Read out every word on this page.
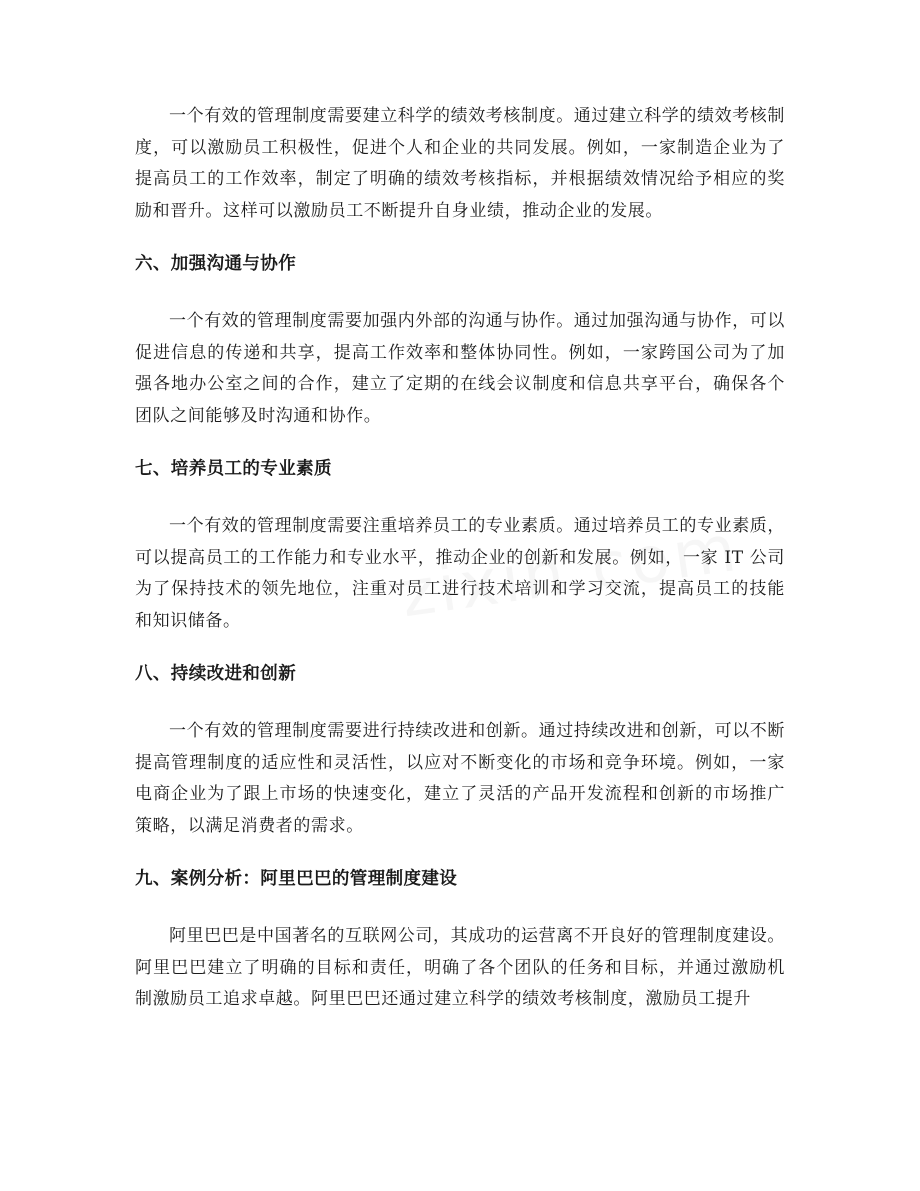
一个有效的管理制度需要建立科学的绩效考核制度。通过建立科学的绩效考核制度，可以激励员工积极性，促进个人和企业的共同发展。例如，一家制造企业为了提高员工的工作效率，制定了明确的绩效考核指标，并根据绩效情况给予相应的奖励和晋升。这样可以激励员工不断提升自身业绩，推动企业的发展。

六、加强沟通与协作

一个有效的管理制度需要加强内外部的沟通与协作。通过加强沟通与协作，可以促进信息的传递和共享，提高工作效率和整体协同性。例如，一家跨国公司为了加强各地办公室之间的合作，建立了定期的在线会议制度和信息共享平台，确保各个团队之间能够及时沟通和协作。

七、培养员工的专业素质

一个有效的管理制度需要注重培养员工的专业素质。通过培养员工的专业素质，可以提高员工的工作能力和专业水平，推动企业的创新和发展。例如，一家 IT 公司为了保持技术的领先地位，注重对员工进行技术培训和学习交流，提高员工的技能和知识储备。

八、持续改进和创新

一个有效的管理制度需要进行持续改进和创新。通过持续改进和创新，可以不断提高管理制度的适应性和灵活性，以应对不断变化的市场和竞争环境。例如，一家电商企业为了跟上市场的快速变化，建立了灵活的产品开发流程和创新的市场推广策略，以满足消费者的需求。

九、案例分析：阿里巴巴的管理制度建设

阿里巴巴是中国著名的互联网公司，其成功的运营离不开良好的管理制度建设。阿里巴巴建立了明确的目标和责任，明确了各个团队的任务和目标，并通过激励机制激励员工追求卓越。阿里巴巴还通过建立科学的绩效考核制度，激励员工提升
